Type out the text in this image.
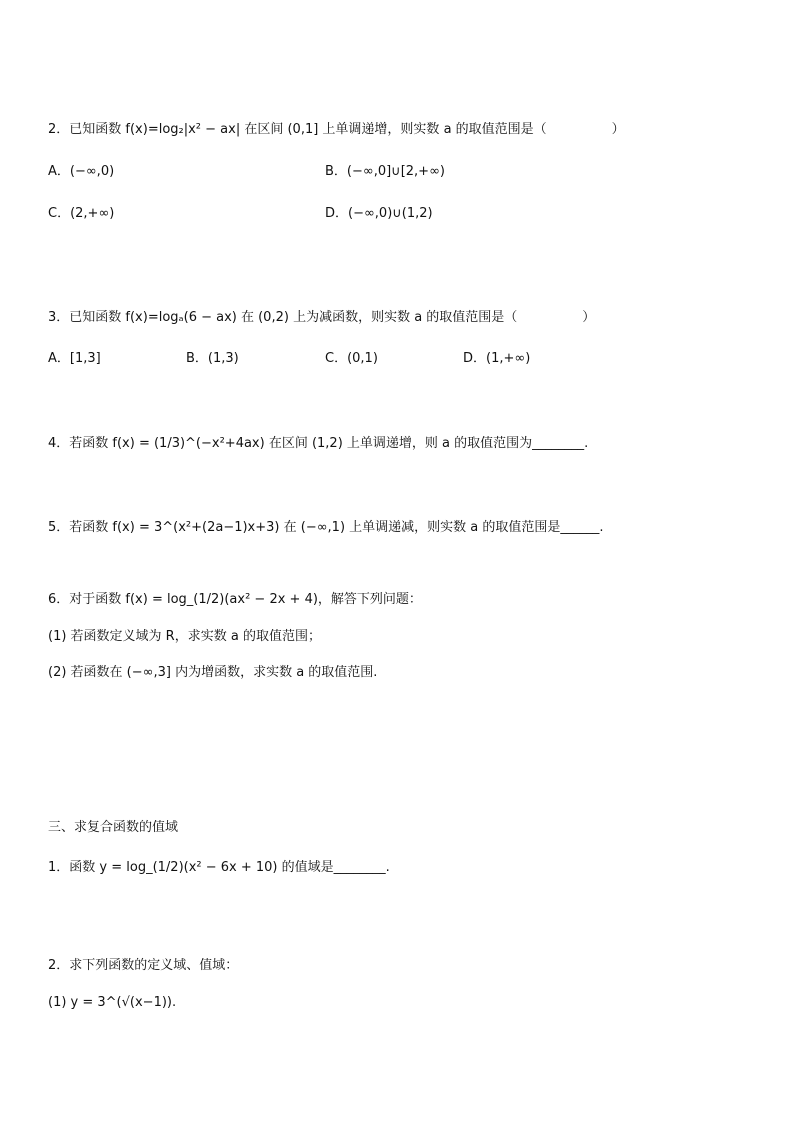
2．已知函数 f(x)=log₂|x² − ax| 在区间 (0,1] 上单调递增，则实数 a 的取值范围是（　　　　　）
A．(−∞,0)	B．(−∞,0]∪[2,+∞)
C．(2,+∞)	D．(−∞,0)∪(1,2)
3．已知函数 f(x)=logₐ(6 − ax) 在 (0,2) 上为减函数，则实数 a 的取值范围是（　　　　　）
A．[1,3]	B．(1,3)	C．(0,1)	D．(1,+∞)
4．若函数 f(x) = (1/3)^(−x²+4ax) 在区间 (1,2) 上单调递增，则 a 的取值范围为________.
5．若函数 f(x) = 3^(x²+(2a−1)x+3) 在 (−∞,1) 上单调递减，则实数 a 的取值范围是______.
6．对于函数 f(x) = log_(1/2)(ax² − 2x + 4)，解答下列问题：
(1) 若函数定义域为 R，求实数 a 的取值范围；
(2) 若函数在 (−∞,3] 内为增函数，求实数 a 的取值范围.
三、求复合函数的值域
1．函数 y = log_(1/2)(x² − 6x + 10) 的值域是________.
2．求下列函数的定义域、值域：
(1) y = 3^(√(x−1)).
